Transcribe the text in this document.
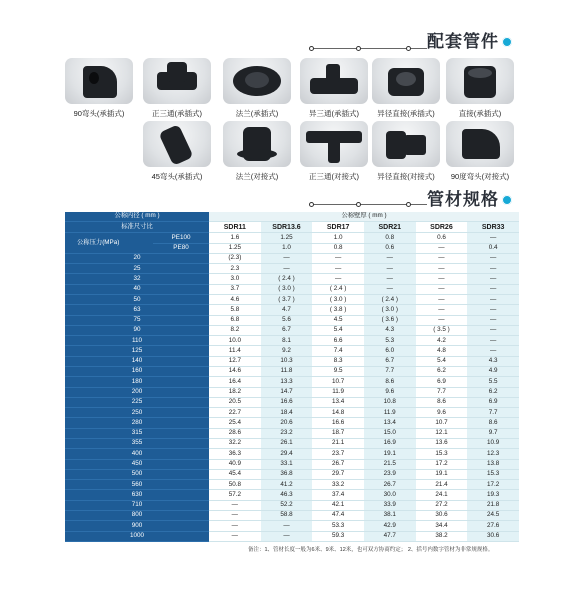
配套管件
90弯头(承插式)	正三通(承插式)	法兰(承插式)	异三通(承插式)	异径直接(承插式)	直接(承插式)
45弯头(承插式)	法兰(对接式)	正三通(对接式)	异径直接(对接式)	90度弯头(对接式)
管材规格
公称内径 ( mm )		公称壁厚 ( mm )					
标准尺寸比		SDR11	SDR13.6	SDR17	SDR21	SDR26	SDR33
公称压力(MPa)	PE100	1.6	1.25	1.0	0.8	0.6	—
	PE80	1.25	1.0	0.8	0.6	—	0.4
20		(2.3)	—	—	—	—	—
25		2.3	—	—	—	—	—
32		3.0	( 2.4 )	—	—	—	—
40		3.7	( 3.0 )	( 2.4 )	—	—	—
50		4.6	( 3.7 )	( 3.0 )	( 2.4 )	—	—
63		5.8	4.7	( 3.8 )	( 3.0 )	—	—
75		6.8	5.6	4.5	( 3.6 )	—	—
90		8.2	6.7	5.4	4.3	( 3.5 )	—
110		10.0	8.1	6.6	5.3	4.2	—
125		11.4	9.2	7.4	6.0	4.8	—
140		12.7	10.3	8.3	6.7	5.4	4.3
160		14.6	11.8	9.5	7.7	6.2	4.9
180		16.4	13.3	10.7	8.6	6.9	5.5
200		18.2	14.7	11.9	9.6	7.7	6.2
225		20.5	16.6	13.4	10.8	8.6	6.9
250		22.7	18.4	14.8	11.9	9.6	7.7
280		25.4	20.6	16.6	13.4	10.7	8.6
315		28.6	23.2	18.7	15.0	12.1	9.7
355		32.2	26.1	21.1	16.9	13.6	10.9
400		36.3	29.4	23.7	19.1	15.3	12.3
450		40.9	33.1	26.7	21.5	17.2	13.8
500		45.4	36.8	29.7	23.9	19.1	15.3
560		50.8	41.2	33.2	26.7	21.4	17.2
630		57.2	46.3	37.4	30.0	24.1	19.3
710		—	52.2	42.1	33.9	27.2	21.8
800		—	58.8	47.4	38.1	30.6	24.5
900		—	—	53.3	42.9	34.4	27.6
1000		—	—	59.3	47.7	38.2	30.6
备注：1、管材长度一般为6米、9米、12米，也可双方协商约定； 2、括号内数字管材为非常规规格。
